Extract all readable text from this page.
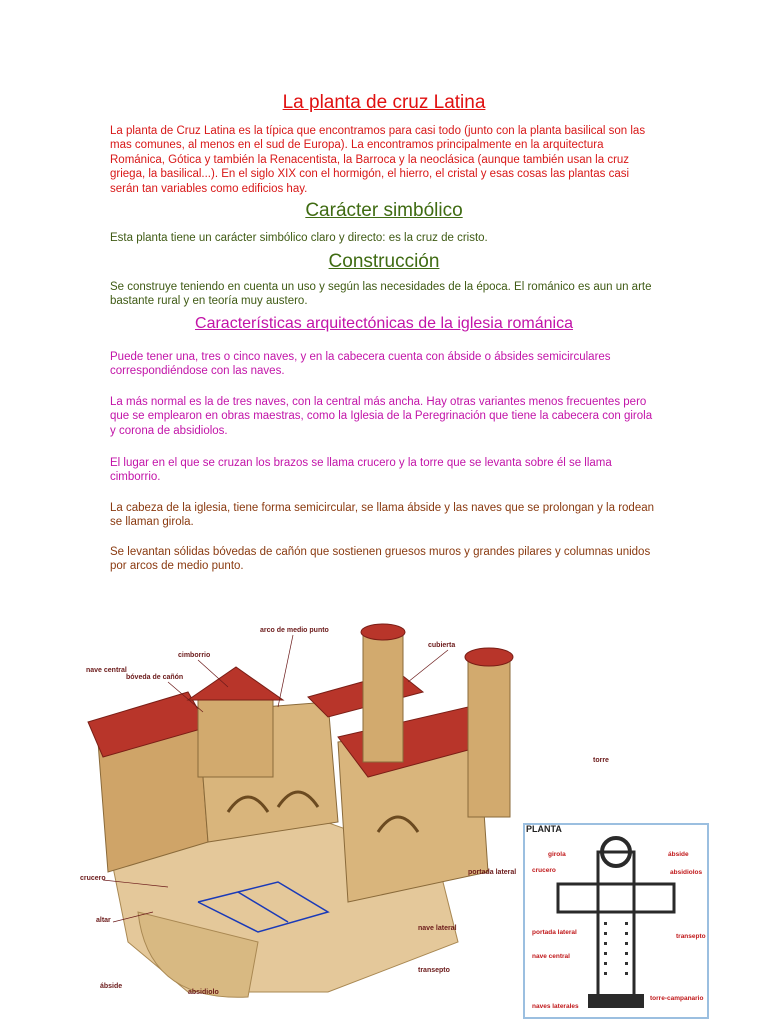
La planta de cruz Latina

La planta de Cruz Latina es la típica que encontramos para casi todo (junto con la planta basilical son las mas comunes, al menos en el sud de Europa). La encontramos principalmente en la arquitectura Románica, Gótica y también la Renacentista, la Barroca y la neoclásica (aunque también usan la cruz griega, la basilical...). En el siglo XIX con el hormigón, el hierro, el cristal y esas cosas las plantas casi serán tan variables como edificios hay.

Carácter simbólico

Esta planta tiene un carácter simbólico claro y directo: es la cruz de cristo.

Construcción

Se construye teniendo en cuenta un uso y según las necesidades de la época. El románico es aun un arte bastante rural y en teoría muy austero.

Características arquitectónicas de la iglesia románica

Puede tener una, tres o cinco naves, y en la cabecera cuenta con ábside o ábsides semicirculares correspondiéndose con las naves.

La más normal es la de tres naves, con la central más ancha. Hay otras variantes menos frecuentes pero que se emplearon en obras maestras, como la Iglesia de la Peregrinación que tiene la cabecera con girola y corona de absidiolos.

El lugar en el que se cruzan los brazos se llama crucero y la torre que se levanta sobre él se llama cimborrio.

La cabeza de la iglesia, tiene forma semicircular, se llama ábside y las naves que se prolongan y la rodean se llaman girola.

Se levantan sólidas bóvedas de cañón que sostienen gruesos muros y grandes pilares y columnas unidos por arcos de medio punto.

arco de medio punto
cimborrio
bóveda de cañón
nave central
cubierta
torre
crucero
portada lateral
nave lateral
altar
ábside
absidiolo
transepto
PLANTA
girola	ábside
crucero	absidiolos
transepto
portada lateral
nave central
torre-campanario
naves laterales
